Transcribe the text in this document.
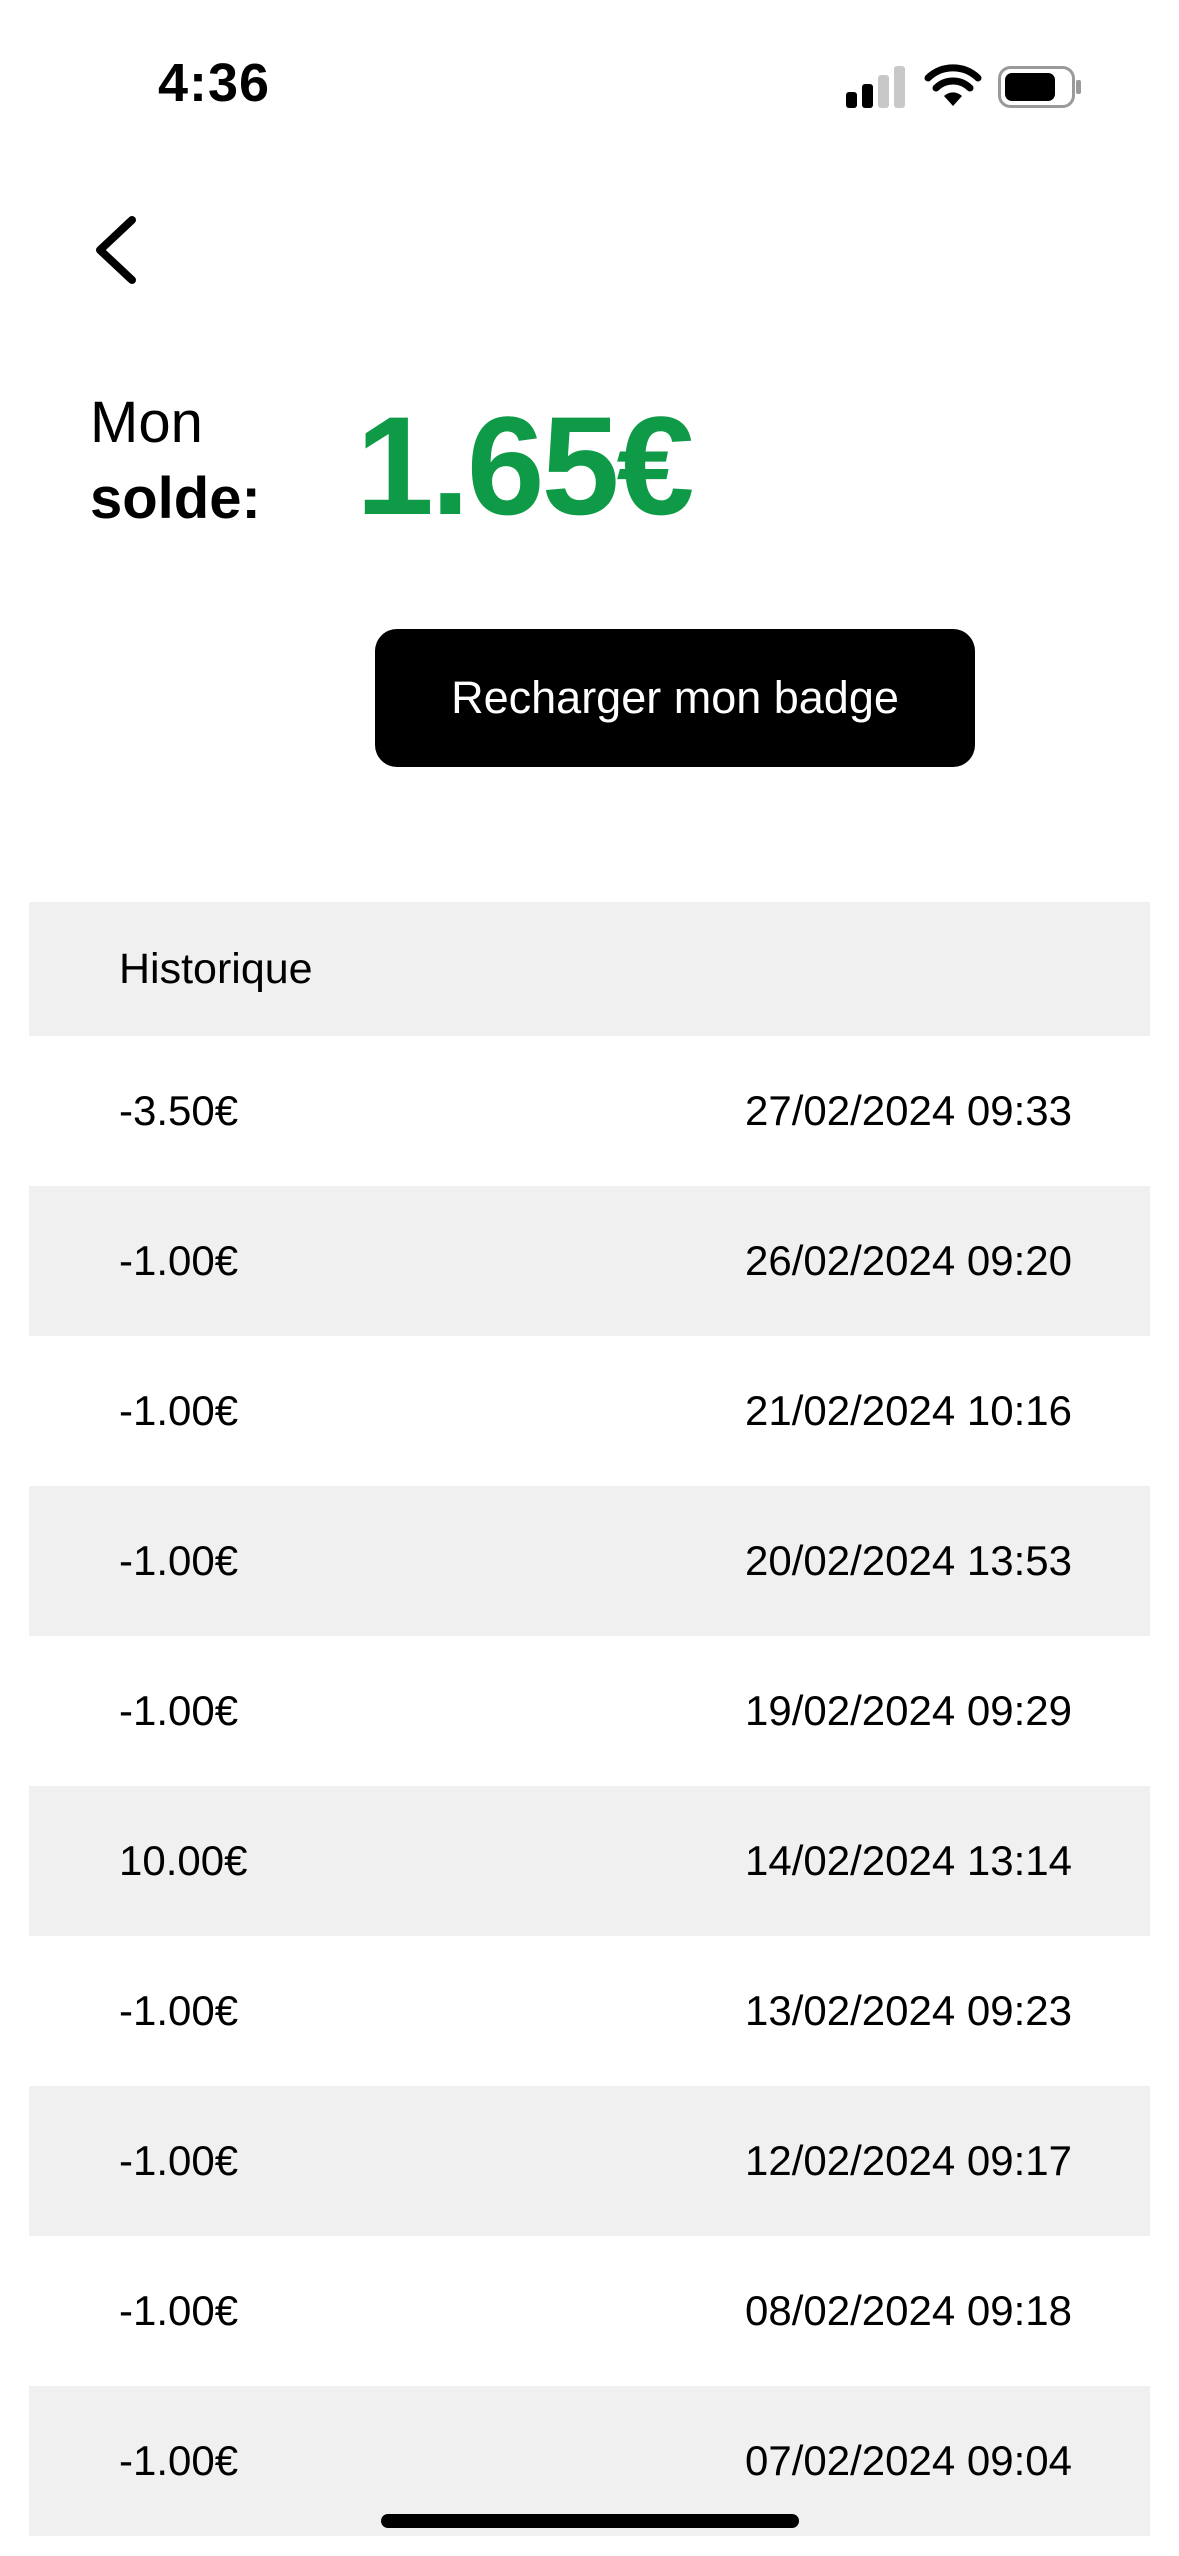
4:36
Mon
solde: 1.65€
Recharger mon badge
Historique
-3.50€	27/02/2024 09:33
-1.00€	26/02/2024 09:20
-1.00€	21/02/2024 10:16
-1.00€	20/02/2024 13:53
-1.00€	19/02/2024 09:29
10.00€	14/02/2024 13:14
-1.00€	13/02/2024 09:23
-1.00€	12/02/2024 09:17
-1.00€	08/02/2024 09:18
-1.00€	07/02/2024 09:04
